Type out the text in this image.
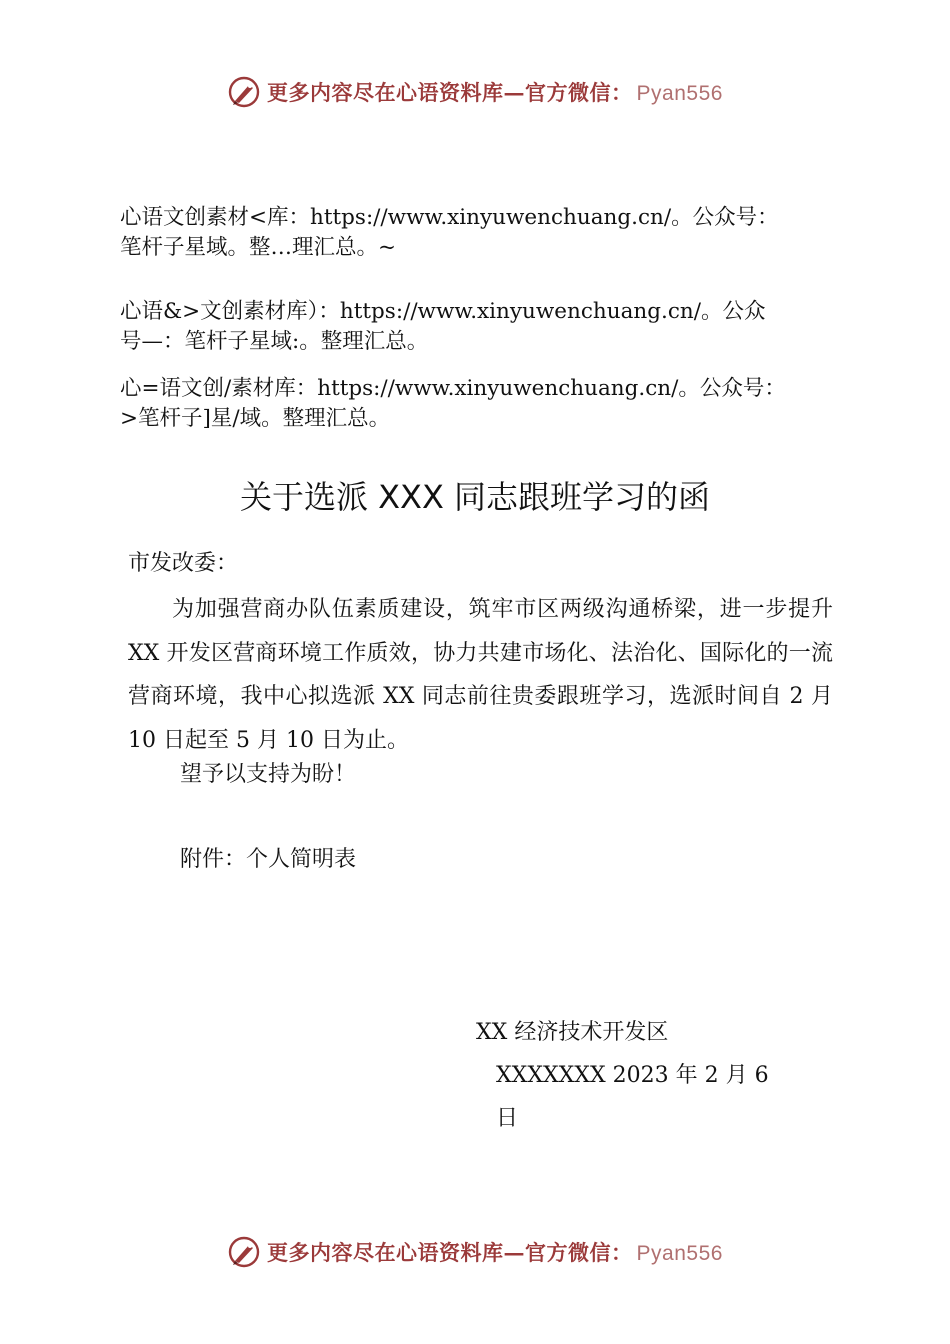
更多内容尽在心语资料库—官方微信： Pyan556
心语文创素材<库：https://www.xinyuwenchuang.cn/。公众号：
笔杆子星域。整…理汇总。~
心语&>文创素材库）：https://www.xinyuwenchuang.cn/。公众
号—：笔杆子星域:。整理汇总。
心=语文创/素材库：https://www.xinyuwenchuang.cn/。公众号：
>笔杆子]星/域。整理汇总。
关于选派 XXX 同志跟班学习的函
市发改委：
为加强营商办队伍素质建设，筑牢市区两级沟通桥梁，进一步提升 XX 开发区营商环境工作质效，协力共建市场化、法治化、国际化的一流营商环境，我中心拟选派 XX 同志前往贵委跟班学习，选派时间自 2 月 10 日起至 5 月 10 日为止。
望予以支持为盼！
附件：个人简明表
XX 经济技术开发区
XXXXXXX 2023 年 2 月 6
日
更多内容尽在心语资料库—官方微信： Pyan556
